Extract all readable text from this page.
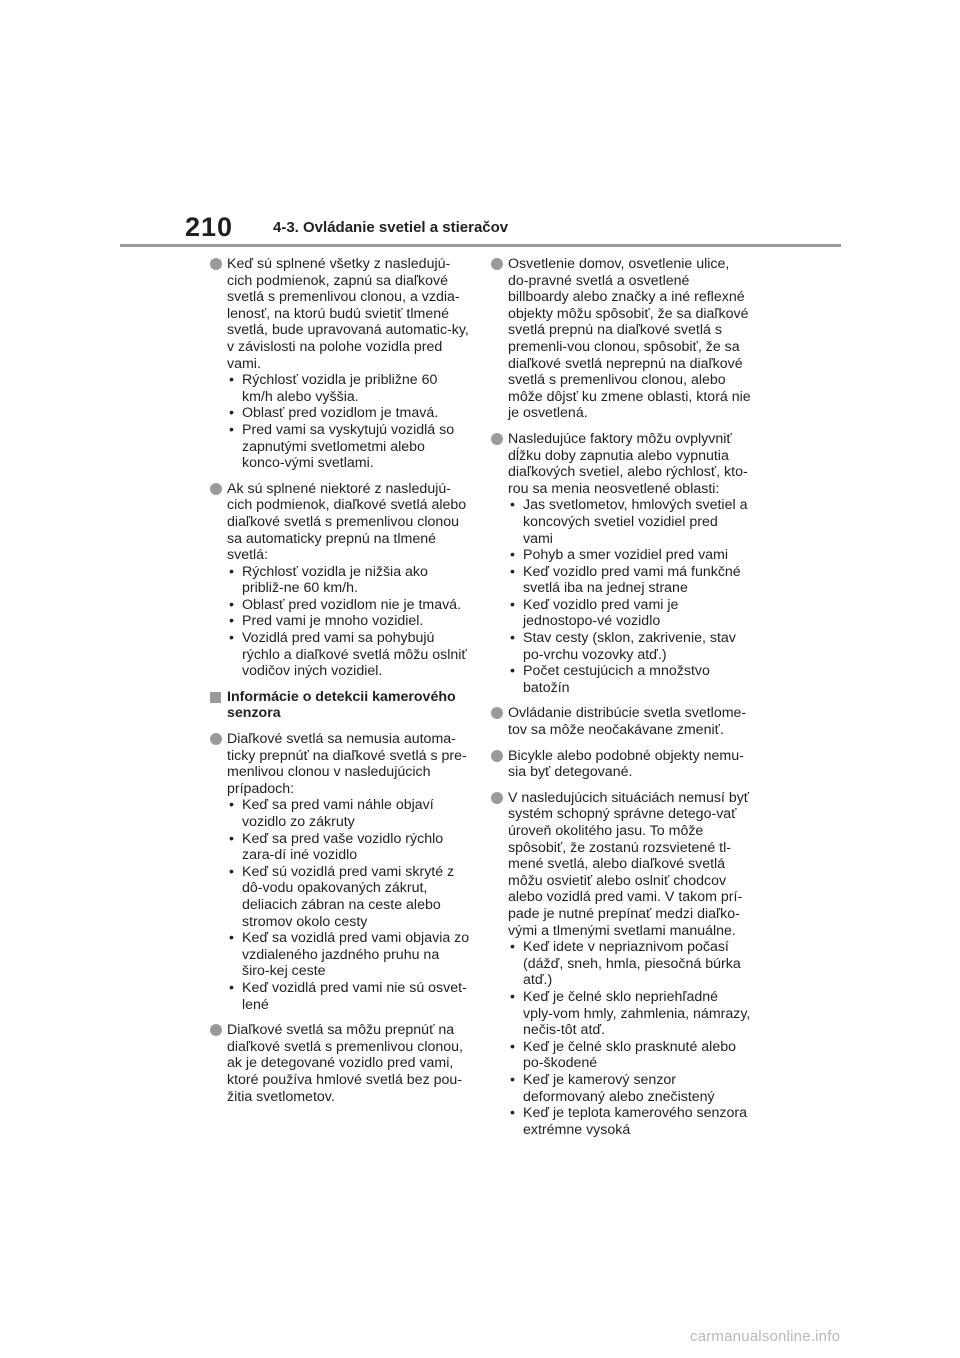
210	4-3. Ovládanie svetiel a stieračov
Keď sú splnené všetky z nasledujú-cich podmienok, zapnú sa diaľkové svetlá s premenlivou clonou, a vzdia-lenosť, na ktorú budú svietiť tlmené svetlá, bude upravovaná automatic-ky, v závislosti na polohe vozidla pred vami.
• Rýchlosť vozidla je približne 60 km/h alebo vyššia.
• Oblasť pred vozidlom je tmavá.
• Pred vami sa vyskytujú vozidlá so zapnutými svetlometmi alebo konco-vými svetlami.
Ak sú splnené niektoré z nasledujú-cich podmienok, diaľkové svetlá alebo diaľkové svetlá s premenlivou clonou sa automaticky prepnú na tlmené svetlá:
• Rýchlosť vozidla je nižšia ako približ-ne 60 km/h.
• Oblasť pred vozidlom nie je tmavá.
• Pred vami je mnoho vozidiel.
• Vozidlá pred vami sa pohybujú rýchlo a diaľkové svetlá môžu oslniť vodičov iných vozidiel.
Informácie o detekcii kamerového senzora
Diaľkové svetlá sa nemusia automa-ticky prepnúť na diaľkové svetlá s pre-menlivou clonou v nasledujúcich prípadoch:
• Keď sa pred vami náhle objaví vozidlo zo zákruty
• Keď sa pred vaše vozidlo rýchlo zara-dí iné vozidlo
• Keď sú vozidlá pred vami skryté z dô-vodu opakovaných zákrut, deliacich zábran na ceste alebo stromov okolo cesty
• Keď sa vozidlá pred vami objavia zo vzdialeného jazdného pruhu na širo-kej ceste
• Keď vozidlá pred vami nie sú osvet-lené
Diaľkové svetlá sa môžu prepnúť na diaľkové svetlá s premenlivou clonou, ak je detegované vozidlo pred vami, ktoré používa hmlové svetlá bez pou-žitia svetlometov.
Osvetlenie domov, osvetlenie ulice, do-pravné svetlá a osvetlené billboardy alebo značky a iné reflexné objekty môžu spôsobiť, že sa diaľkové svetlá prepnú na diaľkové svetlá s premenli-vou clonou, spôsobiť, že sa diaľkové svetlá neprepnú na diaľkové svetlá s premenlivou clonou, alebo môže dôjsť ku zmene oblasti, ktorá nie je osvetlená.
Nasledujúce faktory môžu ovplyvniť dĺžku doby zapnutia alebo vypnutia diaľkových svetiel, alebo rýchlosť, kto-rou sa menia neosvetlené oblasti:
• Jas svetlometov, hmlových svetiel a koncových svetiel vozidiel pred vami
• Pohyb a smer vozidiel pred vami
• Keď vozidlo pred vami má funkčné svetlá iba na jednej strane
• Keď vozidlo pred vami je jednostopo-vé vozidlo
• Stav cesty (sklon, zakrivenie, stav po-vrchu vozovky atď.)
• Počet cestujúcich a množstvo batožín
Ovládanie distribúcie svetla svetlome-tov sa môže neočakávane zmeniť.
Bicykle alebo podobné objekty nemu-sia byť detegované.
V nasledujúcich situáciách nemusí byť systém schopný správne detego-vať úroveň okolitého jasu. To môže spôsobiť, že zostanú rozsvietené tl-mené svetlá, alebo diaľkové svetlá môžu osvietiť alebo oslniť chodcov alebo vozidlá pred vami. V takom prí-pade je nutné prepínať medzi diaľko-vými a tlmenými svetlami manuálne.
• Keď idete v nepriaznivom počasí (dážď, sneh, hmla, piesočná búrka atď.)
• Keď je čelné sklo nepriehľadné vply-vom hmly, zahmlenia, námrazy, nečis-tôt atď.
• Keď je čelné sklo prasknuté alebo po-škodené
• Keď je kamerový senzor deformovaný alebo znečistený
• Keď je teplota kamerového senzora extrémne vysoká
carmanualsonline.info
